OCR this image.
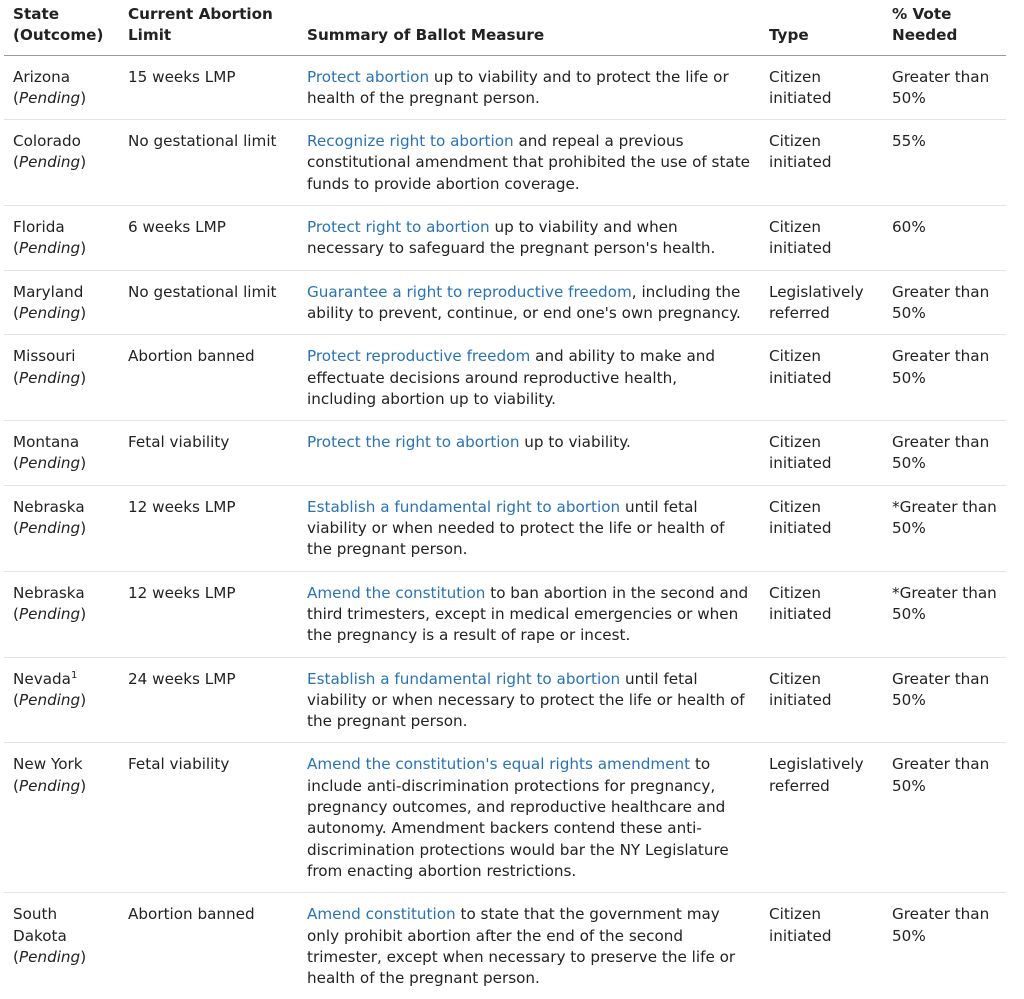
State (Outcome)	Current Abortion Limit	Summary of Ballot Measure	Type	% Vote Needed
Arizona
(Pending)	15 weeks LMP	Protect abortion up to viability and to protect the life or health of the pregnant person.	Citizen initiated	Greater than 50%
Colorado
(Pending)	No gestational limit	Recognize right to abortion and repeal a previous constitutional amendment that prohibited the use of state funds to provide abortion coverage.	Citizen initiated	55%
Florida
(Pending)	6 weeks LMP	Protect right to abortion up to viability and when necessary to safeguard the pregnant person's health.	Citizen initiated	60%
Maryland
(Pending)	No gestational limit	Guarantee a right to reproductive freedom, including the ability to prevent, continue, or end one's own pregnancy.	Legislatively referred	Greater than 50%
Missouri
(Pending)	Abortion banned	Protect reproductive freedom and ability to make and effectuate decisions around reproductive health, including abortion up to viability.	Citizen initiated	Greater than 50%
Montana
(Pending)	Fetal viability	Protect the right to abortion up to viability.	Citizen initiated	Greater than 50%
Nebraska
(Pending)	12 weeks LMP	Establish a fundamental right to abortion until fetal viability or when needed to protect the life or health of the pregnant person.	Citizen initiated	*Greater than 50%
Nebraska
(Pending)	12 weeks LMP	Amend the constitution to ban abortion in the second and third trimesters, except in medical emergencies or when the pregnancy is a result of rape or incest.	Citizen initiated	*Greater than 50%
Nevada$^1$
(Pending)	24 weeks LMP	Establish a fundamental right to abortion until fetal viability or when necessary to protect the life or health of the pregnant person.	Citizen initiated	Greater than 50%
New York
(Pending)	Fetal viability	Amend the constitution's equal rights amendment to include anti-discrimination protections for pregnancy, pregnancy outcomes, and reproductive healthcare and autonomy. Amendment backers contend these anti-discrimination protections would bar the NY Legislature from enacting abortion restrictions.	Legislatively referred	Greater than 50%
South Dakota
(Pending)	Abortion banned	Amend constitution to state that the government may only prohibit abortion after the end of the second trimester, except when necessary to preserve the life or health of the pregnant person.	Citizen initiated	Greater than 50%
